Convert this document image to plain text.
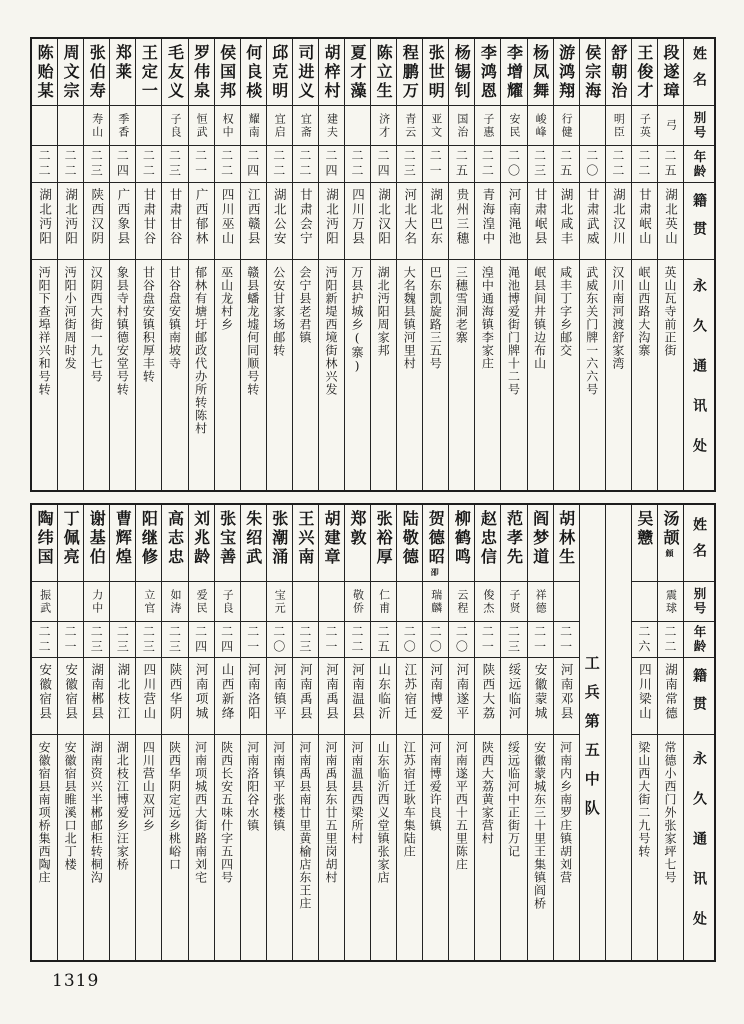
姓名
别号
年龄
籍贯
永久通讯处
段遂璋
弓
二五
湖北英山
英山瓦寺前正街
王俊才
子英
二二
甘肃岷山
岷山西路大沟寨
舒朝治
明臣
二二
湖北汉川
汉川南河渡舒家湾
侯宗海
二〇
甘肃武威
武威东关门牌一六六号
游鸿翔
行健
二五
湖北咸丰
咸丰丁字乡邮交
杨凤舞
峻峰
二三
甘肃岷县
岷县间井镇边布山
李增耀
安民
二〇
河南渑池
渑池博爱街门牌十二号
李鸿恩
子惠
二二
青海湟中
湟中通海镇李家庄
杨锡钊
国治
二五
贵州三穗
三穗雪洞老寨
张世明
亚文
二一
湖北巴东
巴东凯旋路三五号
程鹏万
青云
二三
河北大名
大名魏县镇河里村
陈立生
济才
二四
湖北汉阳
湖北沔阳周家邦
夏才藻
二二
四川万县
万县护城乡(寨)
胡梓村
建夫
二四
湖北沔阳
沔阳新堤西境街林兴发
司进义
宜斋
二二
甘肃会宁
会宁县老君镇
邱克明
宜启
二二
湖北公安
公安甘家场邮转
何良棪
耀南
二四
江西赣县
赣县蟠龙墟何同顺号转
侯国邦
权中
二二
四川巫山
巫山龙村乡
罗伟泉
恒武
二一
广西郁林
郁林有塘圩邮政代办所转陈村
毛友义
子良
二三
甘肃甘谷
甘谷盘安镇南坡寺
王定一
二二
甘肃甘谷
甘谷盘安镇积厚丰转
郑莱
季香
二四
广西象县
象县寺村镇德安堂号转
张伯寿
寿山
二三
陕西汉阴
汉阴西大街一九七号
周文宗
二二
湖北沔阳
沔阳小河街周时发
陈贻某
二二
湖北沔阳
沔阳下查埠祥兴和号转
姓名
别号
年龄
籍贯
永久通讯处
汤颉
頠
震球
二二
湖南常德
常德小西门外张家坪七号
吴戆
二六
四川梁山
梁山西大街二九号转
工兵第五中队
胡林生
二一
河南邓县
河南内乡南罗庄镇胡刘营
阎梦道
祥德
二一
安徽蒙城
安徽蒙城东三十里王集镇阎桥
范孝先
子贤
二三
绥远临河
绥远临河中正街万记
赵忠信
俊杰
二一
陕西大荔
陕西大荔黄家营村
柳鹤鸣
云程
二〇
河南遂平
河南遂平西十五里陈庄
贺德昭
卲
瑞麟
二〇
河南博爱
河南博爱许良镇
陆敬德
二〇
江苏宿迁
江苏宿迁耿车集陆庄
张裕厚
仁甫
二五
山东临沂
山东临沂西义堂镇张家店
郑敦
敬侨
二二
河南温县
河南温县西梁所村
胡建章
二一
河南禹县
河南禹县东廿五里岗胡村
王兴南
二三
河南禹县
河南禹县南廿里黄榆店东王庄
张潮涌
宝元
二〇
河南镇平
河南镇平张楼镇
朱绍武
二一
河南洛阳
河南洛阳谷水镇
张宝善
子良
二四
山西新绛
陕西长安五味什字五四号
刘兆龄
爱民
二四
河南项城
河南项城西大街路南刘宅
高志忠
如涛
二三
陕西华阴
陕西华阴定远乡桃峪口
阳继修
立官
二三
四川营山
四川营山双河乡
曹辉煌
二三
湖北枝江
湖北枝江博爱乡汪家桥
谢基伯
力中
二三
湖南郴县
湖南资兴半郴邮柜转桐沟
丁佩亮
二一
安徽宿县
安徽宿县睢溪口北丁楼
陶纬国
振武
二二
安徽宿县
安徽宿县南项桥集西陶庄
1319
